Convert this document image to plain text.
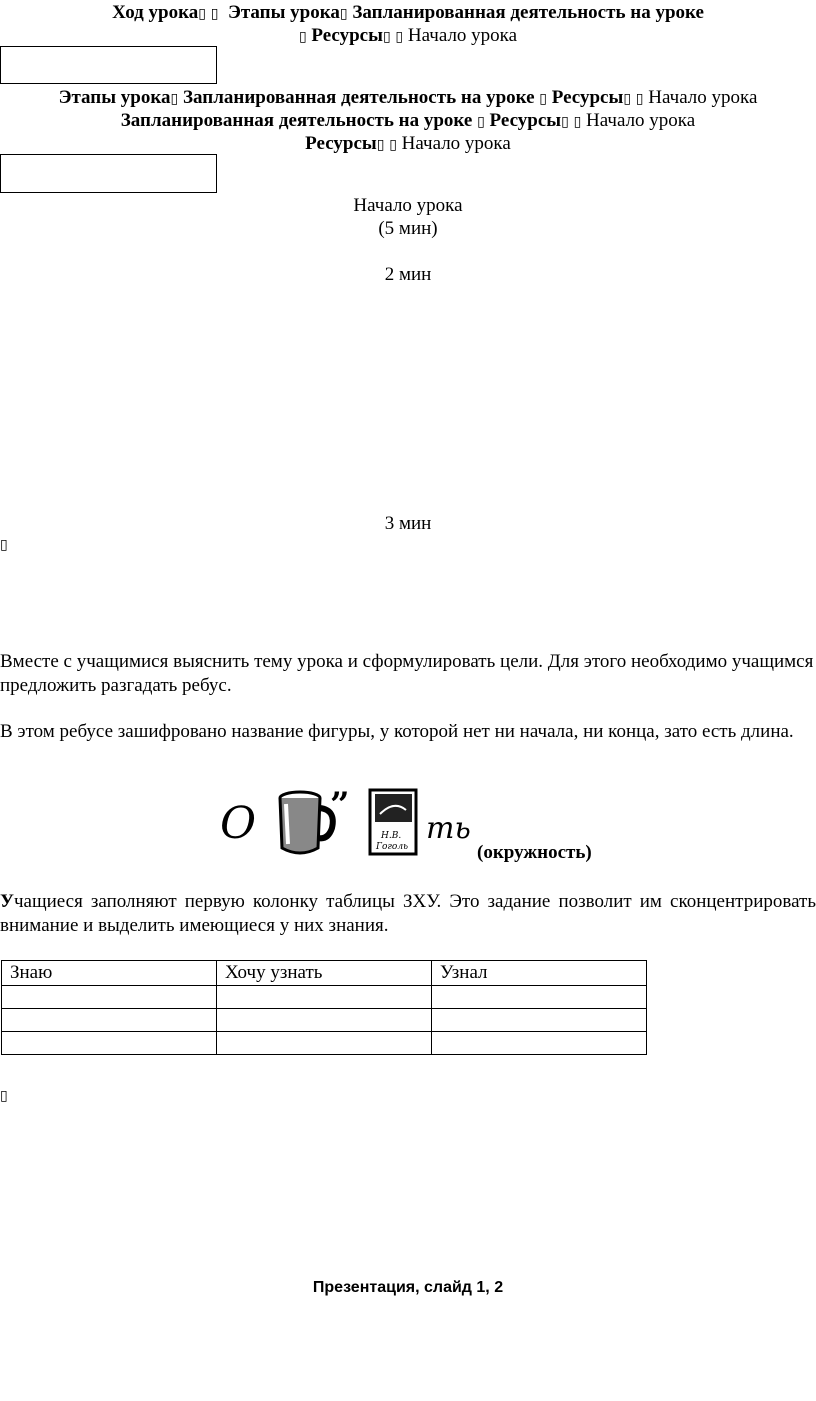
Ход урока▯ ▯ Этапы урока▯ Запланированная деятельность на уроке
▯ Ресурсы▯ ▯ Начало урока
Этапы урока▯ Запланированная деятельность на уроке ▯ Ресурсы▯ ▯ Начало урока
Запланированная деятельность на уроке ▯ Ресурсы▯ ▯ Начало урока
Ресурсы▯ ▯ Начало урока
Начало урока
(5 мин)
2 мин
3 мин
▯
Вместе с учащимися выяснить тему урока и сформулировать цели. Для этого необходимо учащимся предложить разгадать ребус.
В этом ребусе зашифровано название фигуры, у которой нет ни начала, ни конца, зато есть длина.
О ”
Н.В.
Гоголь
ть
(окружность)
Учащиеся заполняют первую колонку таблицы ЗХУ. Это задание позволит им сконцентрировать внимание и выделить имеющиеся у них знания.
Знаю	Хочу узнать	Узнал

▯
Презентация, слайд 1, 2
